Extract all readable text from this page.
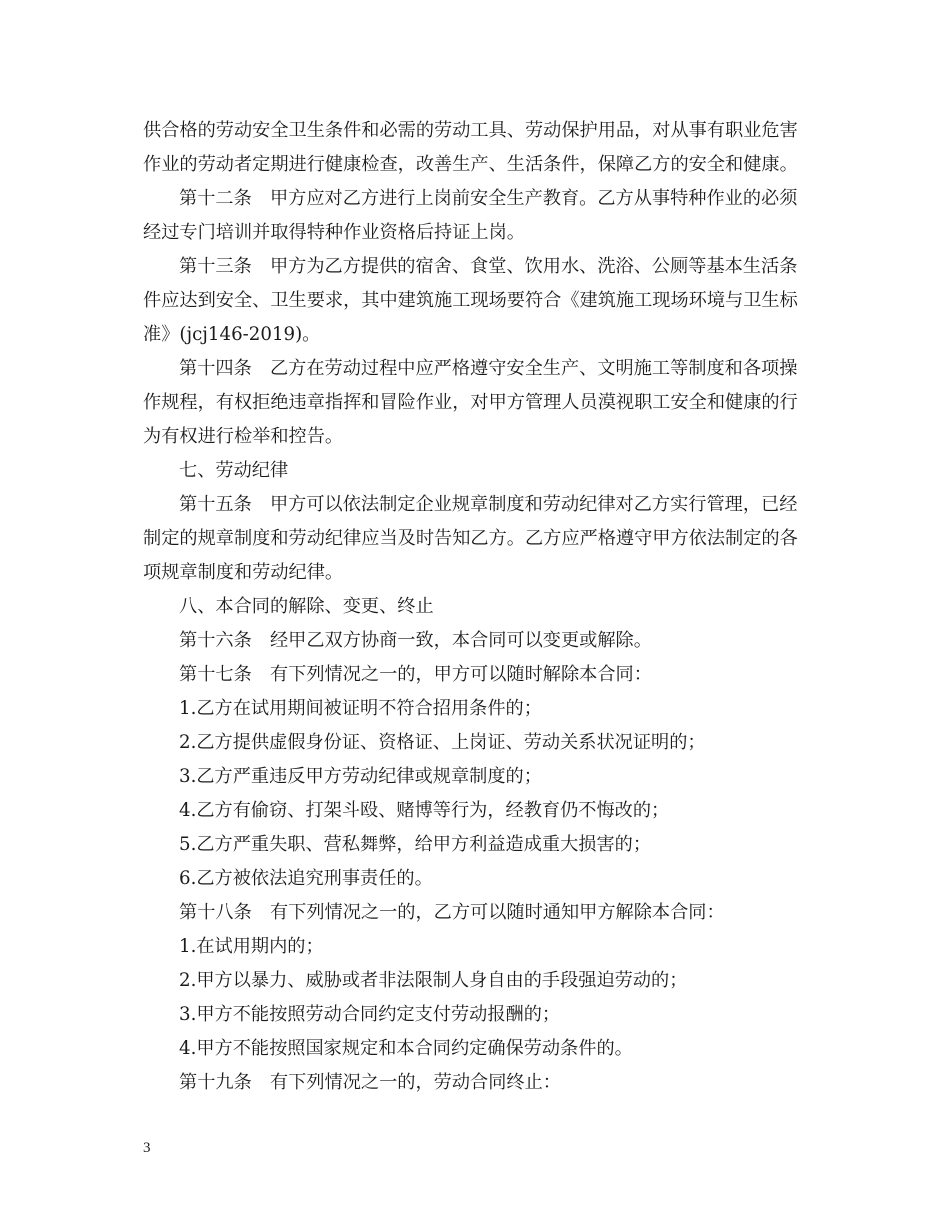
供合格的劳动安全卫生条件和必需的劳动工具、劳动保护用品，对从事有职业危害
作业的劳动者定期进行健康检查，改善生产、生活条件，保障乙方的安全和健康。
第十二条　甲方应对乙方进行上岗前安全生产教育。乙方从事特种作业的必须
经过专门培训并取得特种作业资格后持证上岗。
第十三条　甲方为乙方提供的宿舍、食堂、饮用水、洗浴、公厕等基本生活条
件应达到安全、卫生要求，其中建筑施工现场要符合《建筑施工现场环境与卫生标
准》(jcj146-2019)。
第十四条　乙方在劳动过程中应严格遵守安全生产、文明施工等制度和各项操
作规程，有权拒绝违章指挥和冒险作业，对甲方管理人员漠视职工安全和健康的行
为有权进行检举和控告。
七、劳动纪律
第十五条　甲方可以依法制定企业规章制度和劳动纪律对乙方实行管理，已经
制定的规章制度和劳动纪律应当及时告知乙方。乙方应严格遵守甲方依法制定的各
项规章制度和劳动纪律。
八、本合同的解除、变更、终止
第十六条　经甲乙双方协商一致，本合同可以变更或解除。
第十七条　有下列情况之一的，甲方可以随时解除本合同：
1.乙方在试用期间被证明不符合招用条件的；
2.乙方提供虚假身份证、资格证、上岗证、劳动关系状况证明的；
3.乙方严重违反甲方劳动纪律或规章制度的；
4.乙方有偷窃、打架斗殴、赌博等行为，经教育仍不悔改的；
5.乙方严重失职、营私舞弊，给甲方利益造成重大损害的；
6.乙方被依法追究刑事责任的。
第十八条　有下列情况之一的，乙方可以随时通知甲方解除本合同：
1.在试用期内的；
2.甲方以暴力、威胁或者非法限制人身自由的手段强迫劳动的；
3.甲方不能按照劳动合同约定支付劳动报酬的；
4.甲方不能按照国家规定和本合同约定确保劳动条件的。
第十九条　有下列情况之一的，劳动合同终止：
3
